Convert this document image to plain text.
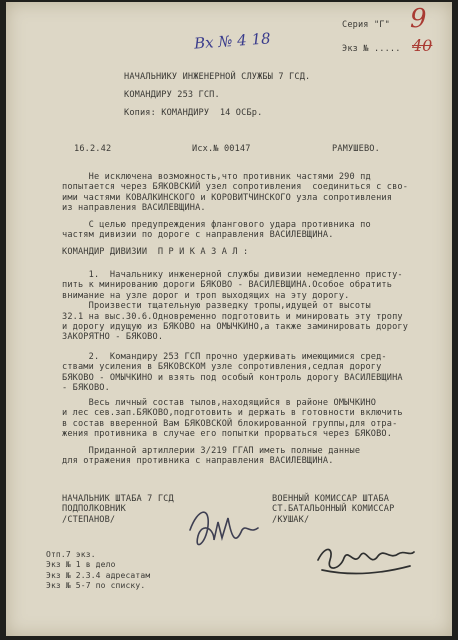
Вх № 4 18
9
40
Серия "Г"
Экз № .....
НАЧАЛЬНИКУ ИНЖЕНЕРНОЙ СЛУЖБЫ 7 ГСД.
КОМАНДИРУ 253 ГСП.
Копия: КОМАНДИРУ  14 ОСБр.
16.2.42	Исх.№ 00147	РАМУШЕВО.
Не исключена возможность,что противник частями 290 пд
попытается через БЯКОВСКИЙ узел сопротивления  соединиться с сво-
ими частями КОВАЛКИНСКОГО и КОРОВИТЧИНСКОГО узла сопротивления
из направления ВАСИЛЕВЩИНА.
С целью предупреждения флангового удара противника по
частям дивизии по дороге с направления ВАСИЛЕВЩИНА.
КОМАНДИР ДИВИЗИИ  П Р И К А З А Л :
1.  Начальнику инженерной службы дивизии немедленно присту-
пить к минированию дороги БЯКОВО - ВАСИЛЕВЩИНА.Особое обратить
внимание на узле дорог и троп выходящих на эту дорогу.
Произвести тщательную разведку тропы,идущей от высоты
32.1 на выс.30.6.Одновременно подготовить и минировать эту тропу
и дорогу идущую из БЯКОВО на ОМЫЧКИНО,а также заминировать дорогу
ЗАКОРЯТНО - БЯКОВО.
2.  Командиру 253 ГСП прочно удерживать имеющимися сред-
ствами усиления в БЯКОВСКОМ узле сопротивления,седлая дорогу
БЯКОВО - ОМЫЧКИНО и взять под особый контроль дорогу ВАСИЛЕВЩИНА
- БЯКОВО.
Весь личный состав тылов,находящийся в районе ОМЫЧКИНО
и лес сев.зап.БЯКОВО,подготовить и держать в готовности включить
в состав вверенной Вам БЯКОВСКОЙ блокированной группы,для отра-
жения противника в случае его попытки прорваться через БЯКОВО.
Приданной артиллерии 3/219 ГГАП иметь полные данные
для отражения противника с направления ВАСИЛЕВЩИНА.
НАЧАЛЬНИК ШТАБА 7 ГСД
ПОДПОЛКОВНИК
/СТЕПАНОВ/
ВОЕННЫЙ КОМИССАР ШТАБА
СТ.БАТАЛЬОННЫЙ КОМИССАР
/КУШАК/
Отп.7 экз.
Экз № 1 в дело
Экз № 2.3.4 адресатам
Экз № 5-7 по списку.
